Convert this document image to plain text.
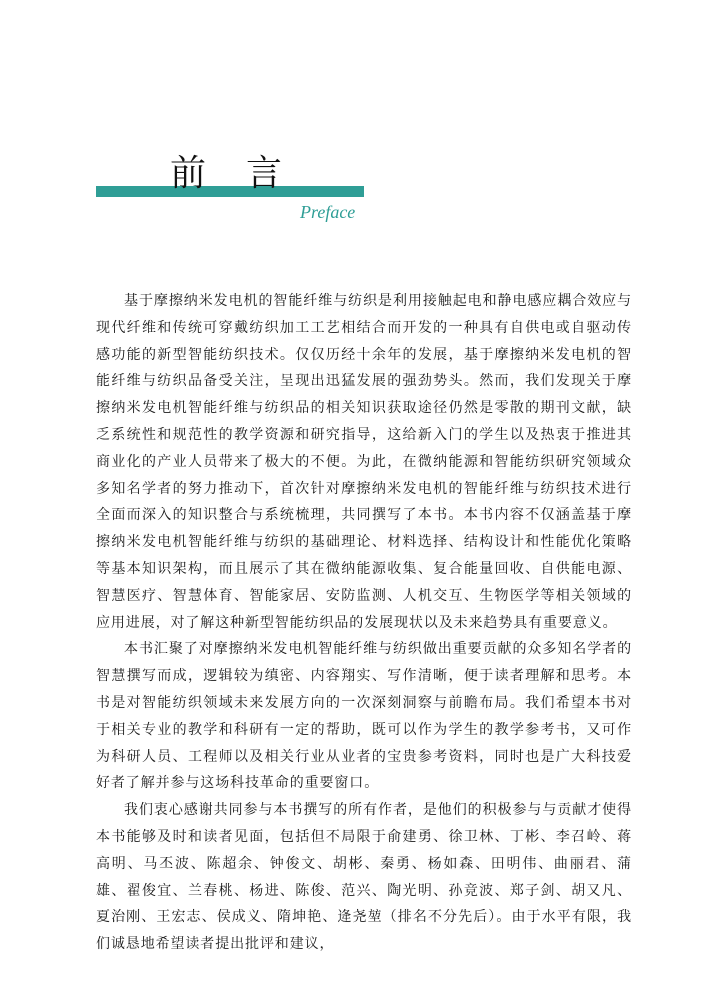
前言
Preface

基于摩擦纳米发电机的智能纤维与纺织是利用接触起电和静电感应耦合效应与现代纤维和传统可穿戴纺织加工工艺相结合而开发的一种具有自供电或自驱动传感功能的新型智能纺织技术。仅仅历经十余年的发展，基于摩擦纳米发电机的智能纤维与纺织品备受关注，呈现出迅猛发展的强劲势头。然而，我们发现关于摩擦纳米发电机智能纤维与纺织品的相关知识获取途径仍然是零散的期刊文献，缺乏系统性和规范性的教学资源和研究指导，这给新入门的学生以及热衷于推进其商业化的产业人员带来了极大的不便。为此，在微纳能源和智能纺织研究领域众多知名学者的努力推动下，首次针对摩擦纳米发电机的智能纤维与纺织技术进行全面而深入的知识整合与系统梳理，共同撰写了本书。本书内容不仅涵盖基于摩擦纳米发电机智能纤维与纺织的基础理论、材料选择、结构设计和性能优化策略等基本知识架构，而且展示了其在微纳能源收集、复合能量回收、自供能电源、智慧医疗、智慧体育、智能家居、安防监测、人机交互、生物医学等相关领域的应用进展，对了解这种新型智能纺织品的发展现状以及未来趋势具有重要意义。

本书汇聚了对摩擦纳米发电机智能纤维与纺织做出重要贡献的众多知名学者的智慧撰写而成，逻辑较为缜密、内容翔实、写作清晰，便于读者理解和思考。本书是对智能纺织领域未来发展方向的一次深刻洞察与前瞻布局。我们希望本书对于相关专业的教学和科研有一定的帮助，既可以作为学生的教学参考书，又可作为科研人员、工程师以及相关行业从业者的宝贵参考资料，同时也是广大科技爱好者了解并参与这场科技革命的重要窗口。

我们衷心感谢共同参与本书撰写的所有作者，是他们的积极参与与贡献才使得本书能够及时和读者见面，包括但不局限于俞建勇、徐卫林、丁彬、李召岭、蒋高明、马丕波、陈超余、钟俊文、胡彬、秦勇、杨如森、田明伟、曲丽君、蒲雄、翟俊宜、兰春桃、杨进、陈俊、范兴、陶光明、孙竞波、郑子剑、胡又凡、夏治刚、王宏志、侯成义、隋坤艳、逄尧堃（排名不分先后）。由于水平有限，我们诚恳地希望读者提出批评和建议，
